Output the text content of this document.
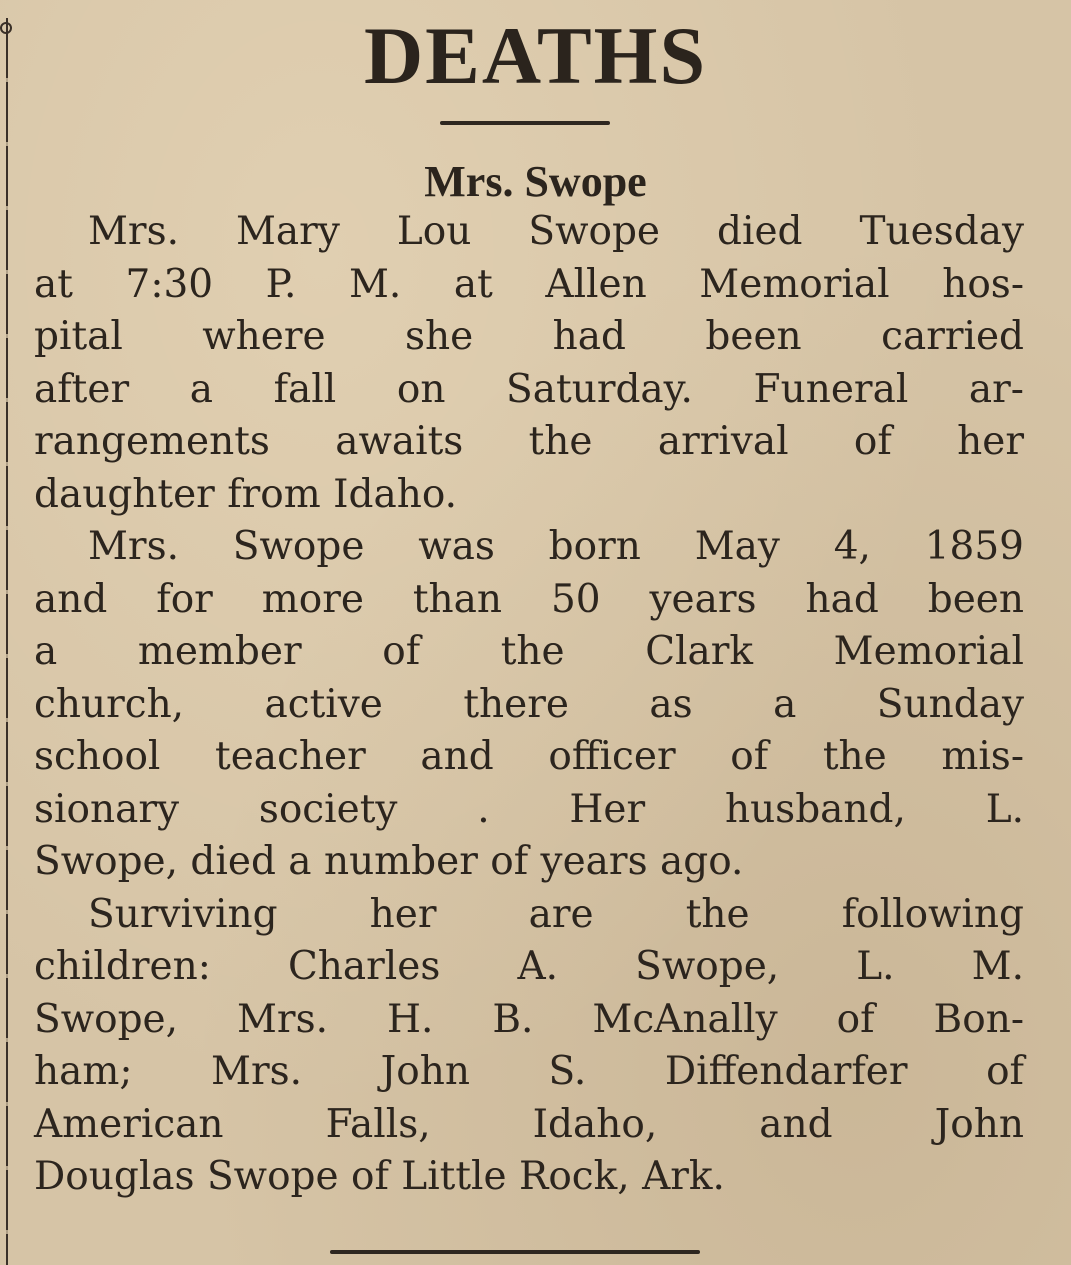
DEATHS
Mrs. Swope
Mrs. Mary Lou Swope died Tuesday
at 7:30 P. M. at Allen Memorial hos-
pital where she had been carried
after a fall on Saturday. Funeral ar-
rangements awaits the arrival of her
daughter from Idaho.
Mrs. Swope was born May 4, 1859
and for more than 50 years had been
a member of the Clark Memorial
church, active there as a Sunday
school teacher and officer of the mis-
sionary society . Her husband, L.
Swope, died a number of years ago.
Surviving her are the following
children: Charles A. Swope, L. M.
Swope, Mrs. H. B. McAnally of Bon-
ham; Mrs. John S. Diffendarfer of
American Falls, Idaho, and John
Douglas Swope of Little Rock, Ark.
